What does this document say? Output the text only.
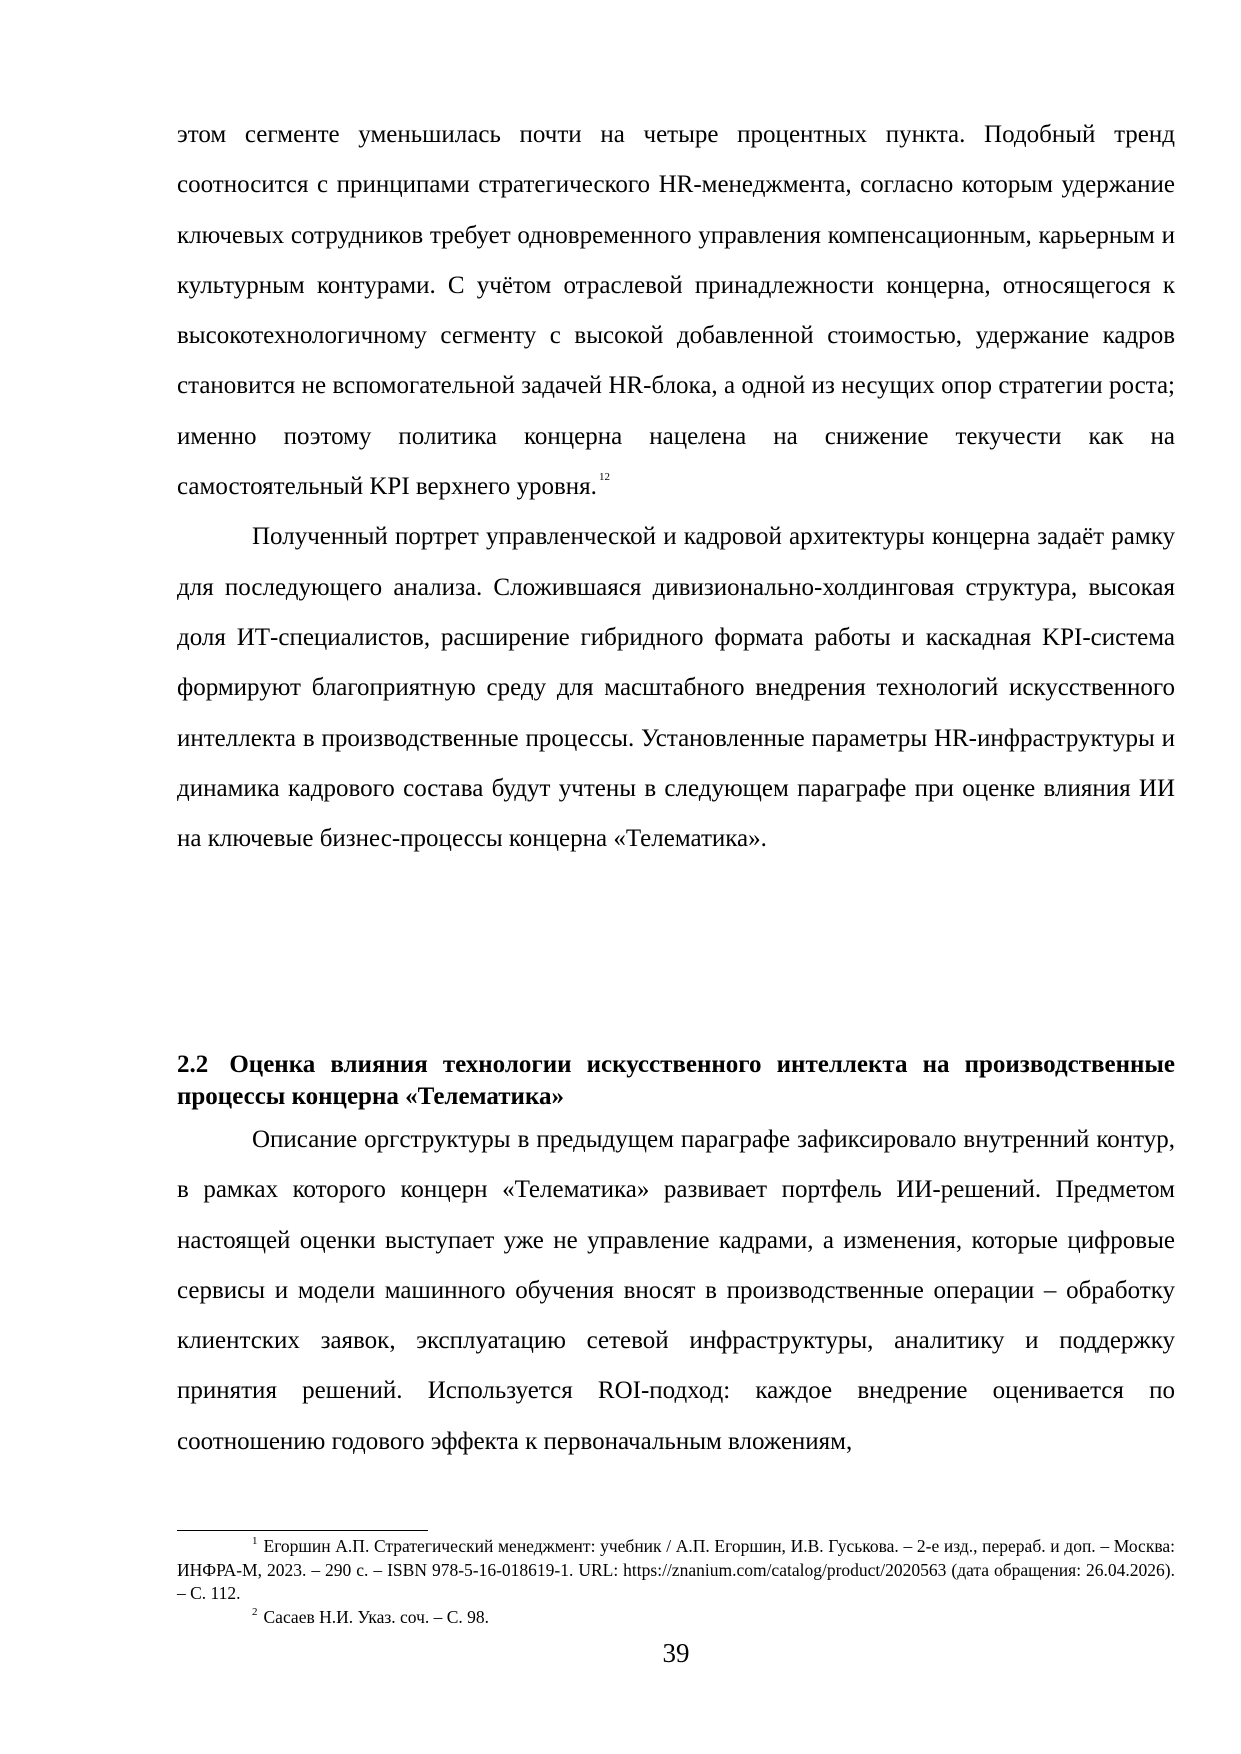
этом сегменте уменьшилась почти на четыре процентных пункта. Подобный тренд соотносится с принципами стратегического HR-менеджмента, согласно которым удержание ключевых сотрудников требует одновременного управления компенсационным, карьерным и культурным контурами. С учётом отраслевой принадлежности концерна, относящегося к высокотехнологичному сегменту с высокой добавленной стоимостью, удержание кадров становится не вспомогательной задачей HR-блока, а одной из несущих опор стратегии роста; именно поэтому политика концерна нацелена на снижение текучести как на самостоятельный KPI верхнего уровня. $^{12}$

Полученный портрет управленческой и кадровой архитектуры концерна задаёт рамку для последующего анализа. Сложившаяся дивизионально-холдинговая структура, высокая доля ИТ-специалистов, расширение гибридного формата работы и каскадная KPI-система формируют благоприятную среду для масштабного внедрения технологий искусственного интеллекта в производственные процессы. Установленные параметры HR-инфраструктуры и динамика кадрового состава будут учтены в следующем параграфе при оценке влияния ИИ на ключевые бизнес-процессы концерна «Телематика».

2.2 Оценка влияния технологии искусственного интеллекта на производственные процессы концерна «Телематика»

Описание оргструктуры в предыдущем параграфе зафиксировало внутренний контур, в рамках которого концерн «Телематика» развивает портфель ИИ-решений. Предметом настоящей оценки выступает уже не управление кадрами, а изменения, которые цифровые сервисы и модели машинного обучения вносят в производственные операции – обработку клиентских заявок, эксплуатацию сетевой инфраструктуры, аналитику и поддержку принятия решений. Используется ROI-подход: каждое внедрение оценивается по соотношению годового эффекта к первоначальным вложениям,

$^1$ Егоршин А.П. Стратегический менеджмент: учебник / А.П. Егоршин, И.В. Гуськова. – 2-е изд., перераб. и доп. – Москва: ИНФРА-М, 2023. – 290 с. – ISBN 978-5-16-018619-1. URL: https://znanium.com/catalog/product/2020563 (дата обращения: 26.04.2026). – С. 112.

$^2$ Сасаев Н.И. Указ. соч. – С. 98.

39
